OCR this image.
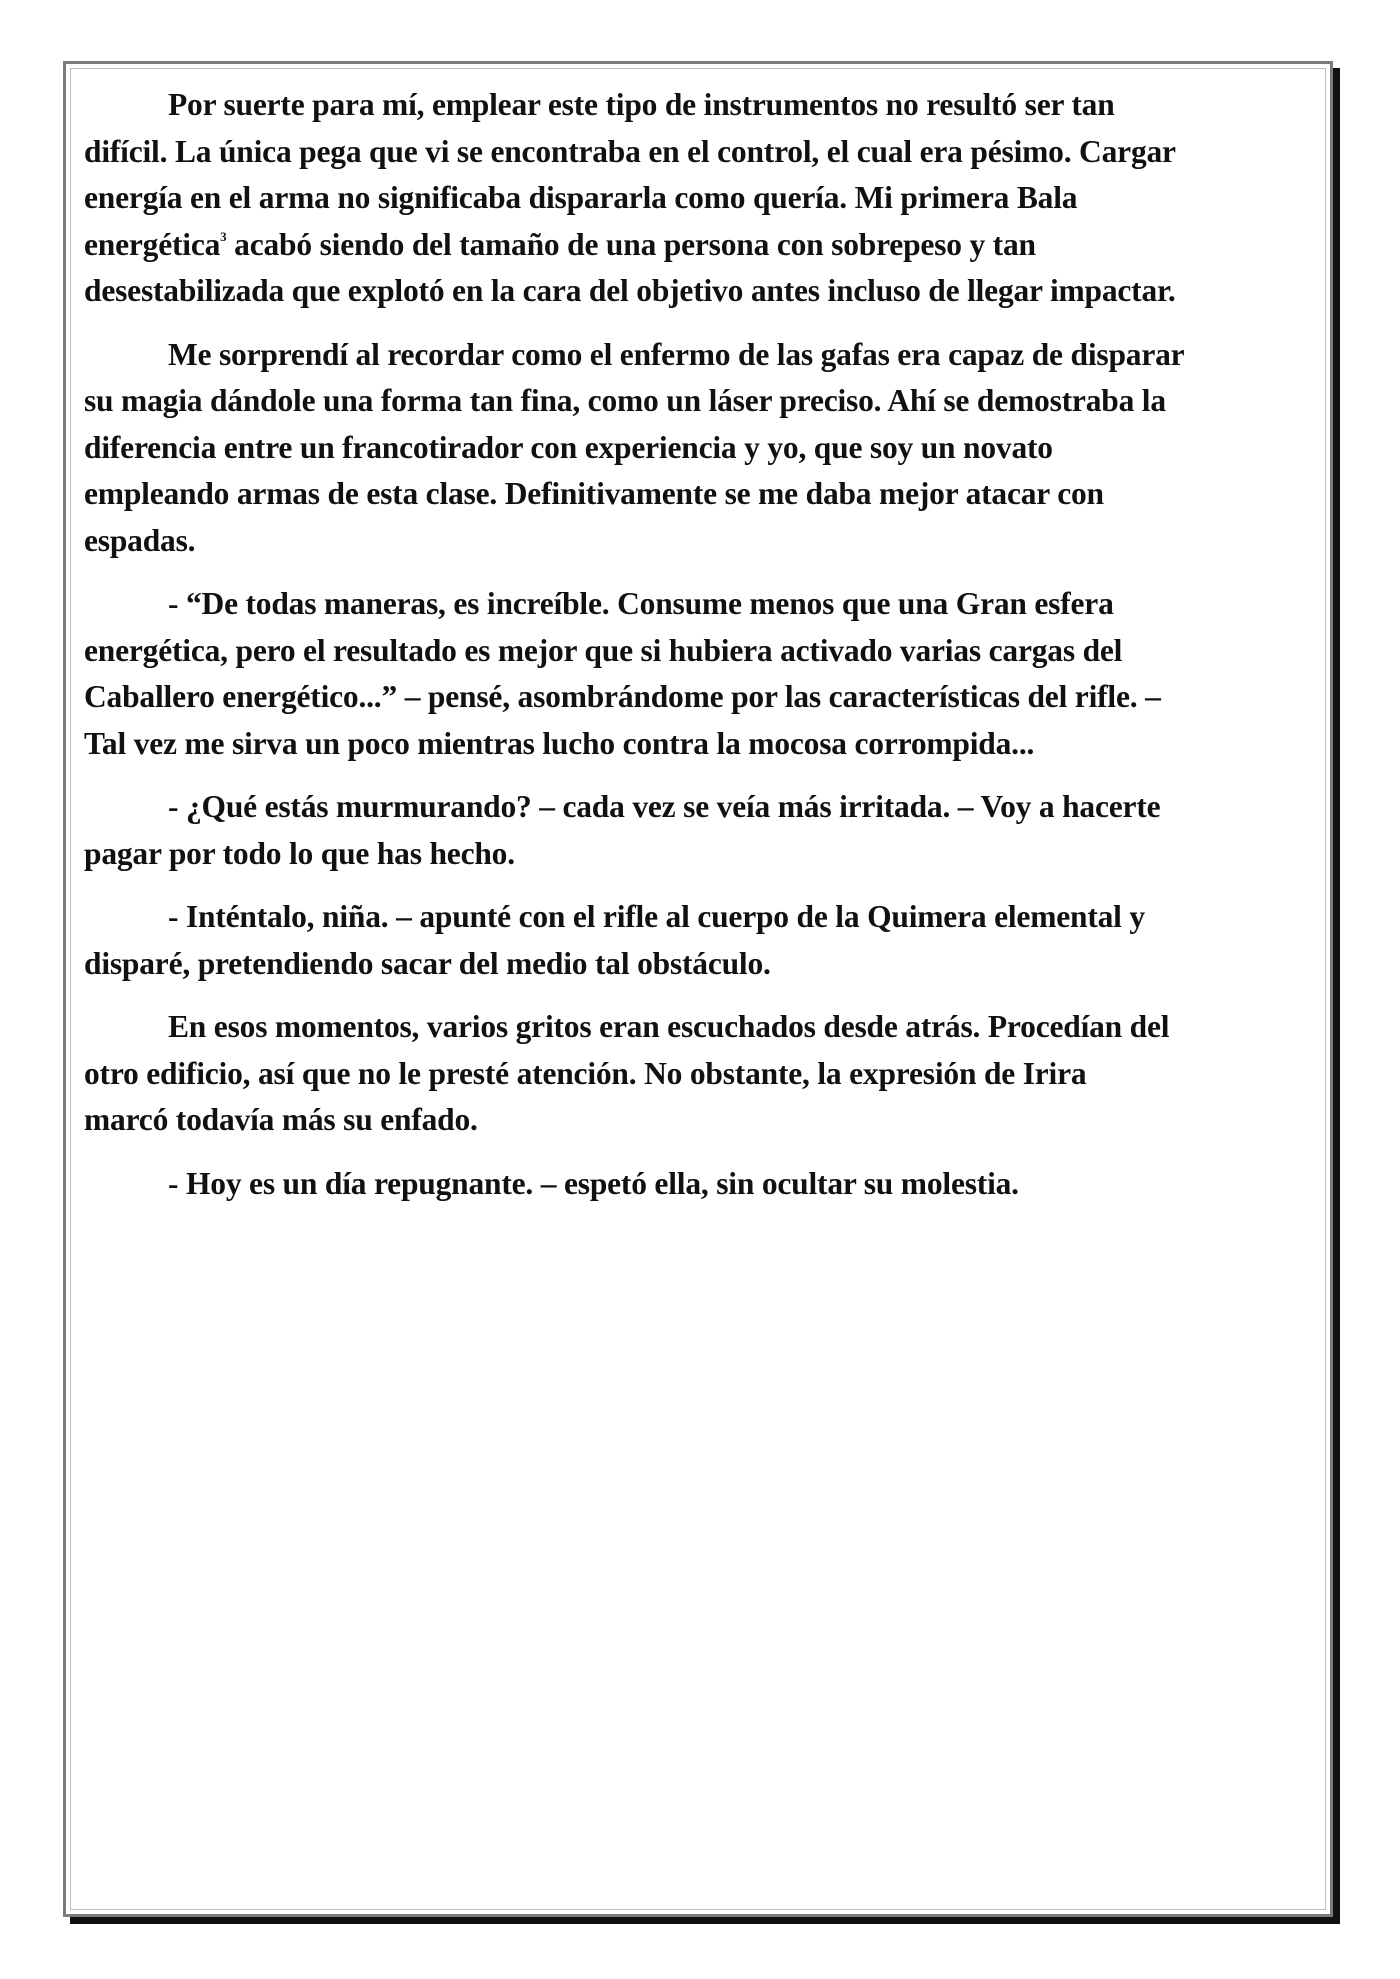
Por suerte para mí, emplear este tipo de instrumentos no resultó ser tan
difícil. La única pega que vi se encontraba en el control, el cual era pésimo. Cargar
energía en el arma no significaba dispararla como quería. Mi primera Bala
energética$^3$ acabó siendo del tamaño de una persona con sobrepeso y tan
desestabilizada que explotó en la cara del objetivo antes incluso de llegar impactar.

Me sorprendí al recordar como el enfermo de las gafas era capaz de disparar
su magia dándole una forma tan fina, como un láser preciso. Ahí se demostraba la
diferencia entre un francotirador con experiencia y yo, que soy un novato
empleando armas de esta clase. Definitivamente se me daba mejor atacar con
espadas.

- “De todas maneras, es increíble. Consume menos que una Gran esfera
energética, pero el resultado es mejor que si hubiera activado varias cargas del
Caballero energético...” – pensé, asombrándome por las características del rifle. –
Tal vez me sirva un poco mientras lucho contra la mocosa corrompida...

- ¿Qué estás murmurando? – cada vez se veía más irritada. – Voy a hacerte
pagar por todo lo que has hecho.

- Inténtalo, niña. – apunté con el rifle al cuerpo de la Quimera elemental y
disparé, pretendiendo sacar del medio tal obstáculo.

En esos momentos, varios gritos eran escuchados desde atrás. Procedían del
otro edificio, así que no le presté atención. No obstante, la expresión de Irira
marcó todavía más su enfado.

- Hoy es un día repugnante. – espetó ella, sin ocultar su molestia.
